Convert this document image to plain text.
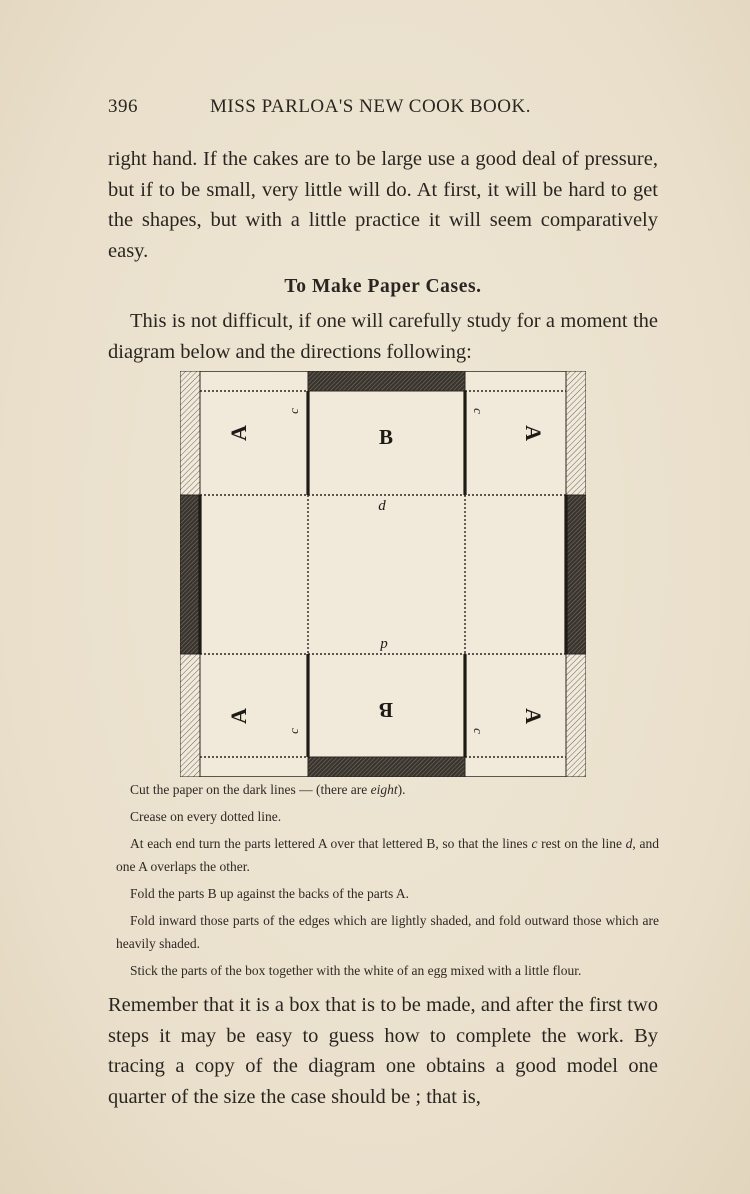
396	MISS PARLOA'S NEW COOK BOOK.
right hand. If the cakes are to be large use a good deal of pressure, but if to be small, very little will do. At first, it will be hard to get the shapes, but with a little practice it will seem comparatively easy.
To Make Paper Cases.
This is not difficult, if one will carefully study for a moment the diagram below and the directions following:
B
B
A	A
A	A
c	c
c	c
d
d

Cut the paper on the dark lines — (there are eight).

Crease on every dotted line.

At each end turn the parts lettered A over that lettered B, so that the lines c rest on the line d, and one A overlaps the other.

Fold the parts B up against the backs of the parts A.

Fold inward those parts of the edges which are lightly shaded, and fold outward those which are heavily shaded.

Stick the parts of the box together with the white of an egg mixed with a little flour.

Remember that it is a box that is to be made, and after the first two steps it may be easy to guess how to complete the work. By tracing a copy of the diagram one obtains a good model one quarter of the size the case should be ; that is,
